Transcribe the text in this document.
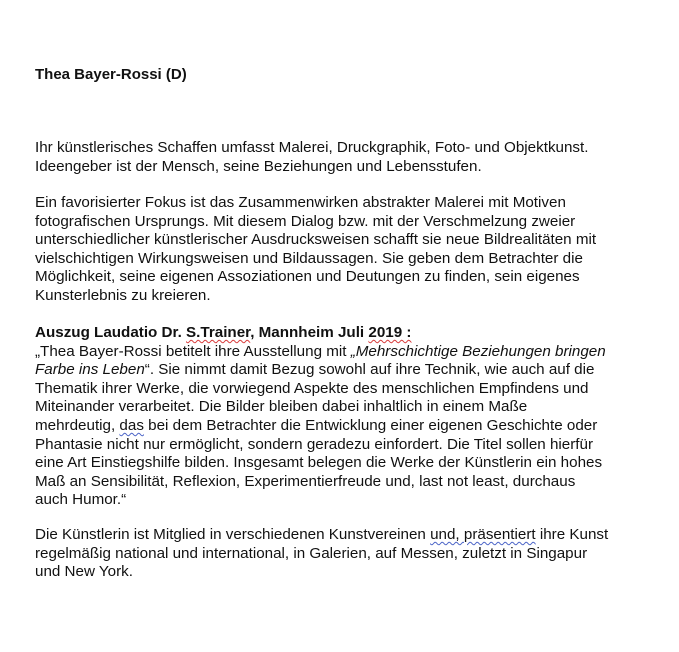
Thea Bayer-Rossi (D)
Ihr künstlerisches Schaffen umfasst Malerei, Druckgraphik, Foto- und Objektkunst.
Ideengeber ist der Mensch, seine Beziehungen und Lebensstufen.
Ein favorisierter Fokus ist das Zusammenwirken abstrakter Malerei mit Motiven
fotografischen Ursprungs. Mit diesem Dialog bzw. mit der Verschmelzung zweier
unterschiedlicher künstlerischer Ausdrucksweisen schafft sie neue Bildrealitäten mit
vielschichtigen Wirkungsweisen und Bildaussagen. Sie geben dem Betrachter die
Möglichkeit, seine eigenen Assoziationen und Deutungen zu finden, sein eigenes
Kunsterlebnis zu kreieren.
Auszug Laudatio Dr. S.Trainer, Mannheim Juli 2019 :
„Thea Bayer-Rossi betitelt ihre Ausstellung mit „Mehrschichtige Beziehungen bringen
Farbe ins Leben“. Sie nimmt damit Bezug sowohl auf ihre Technik, wie auch auf die
Thematik ihrer Werke, die vorwiegend Aspekte des menschlichen Empfindens und
Miteinander verarbeitet. Die Bilder bleiben dabei inhaltlich in einem Maße
mehrdeutig, das bei dem Betrachter die Entwicklung einer eigenen Geschichte oder
Phantasie nicht nur ermöglicht, sondern geradezu einfordert. Die Titel sollen hierfür
eine Art Einstiegshilfe bilden. Insgesamt belegen die Werke der Künstlerin ein hohes
Maß an Sensibilität, Reflexion, Experimentierfreude und, last not least, durchaus
auch Humor.“
Die Künstlerin ist Mitglied in verschiedenen Kunstvereinen und, präsentiert ihre Kunst
regelmäßig national und international, in Galerien, auf Messen, zuletzt in Singapur
und New York.
